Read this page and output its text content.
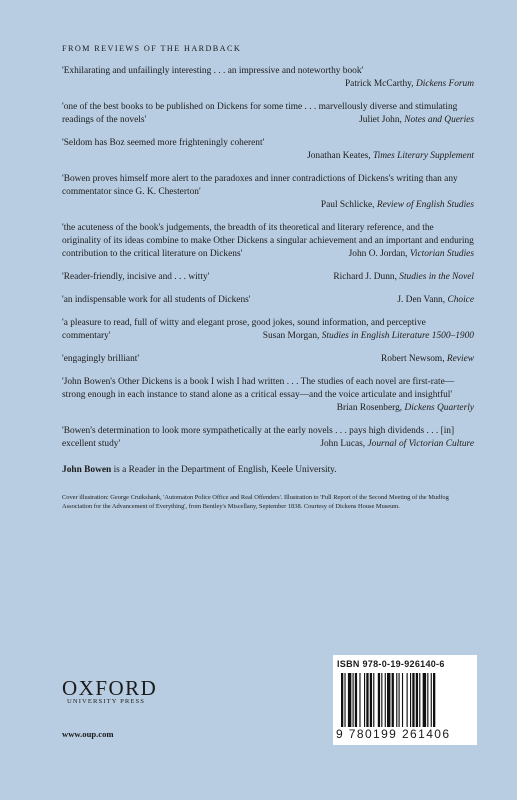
FROM REVIEWS OF THE HARDBACK
'Exhilarating and unfailingly interesting . . . an impressive and noteworthy book'
Patrick McCarthy, Dickens Forum
'one of the best books to be published on Dickens for some time . . . marvellously diverse and stimulating readings of the novels'	Juliet John, Notes and Queries
'Seldom has Boz seemed more frighteningly coherent'
Jonathan Keates, Times Literary Supplement
'Bowen proves himself more alert to the paradoxes and inner contradictions of Dickens's writing than any commentator since G. K. Chesterton'
Paul Schlicke, Review of English Studies
'the acuteness of the book's judgements, the breadth of its theoretical and literary reference, and the originality of its ideas combine to make Other Dickens a singular achievement and an important and enduring contribution to the critical literature on Dickens'	John O. Jordan, Victorian Studies
'Reader-friendly, incisive and . . . witty'	Richard J. Dunn, Studies in the Novel
'an indispensable work for all students of Dickens'	J. Den Vann, Choice
'a pleasure to read, full of witty and elegant prose, good jokes, sound information, and perceptive commentary'	Susan Morgan, Studies in English Literature 1500–1900
'engagingly brilliant'	Robert Newsom, Review
'John Bowen's Other Dickens is a book I wish I had written . . . The studies of each novel are first-rate—strong enough in each instance to stand alone as a critical essay—and the voice articulate and insightful'
Brian Rosenberg, Dickens Quarterly
'Bowen's determination to look more sympathetically at the early novels . . . pays high dividends . . . [in] excellent study'	John Lucas, Journal of Victorian Culture
John Bowen is a Reader in the Department of English, Keele University.
Cover illustration: George Cruikshank, 'Automaton Police Office and Real Offenders'. Illustration to 'Full Report of the Second Meeting of the Mudfog Association for the Advancement of Everything', from Bentley's Miscellany, September 1838. Courtesy of Dickens House Museum.
OXFORD
UNIVERSITY PRESS
www.oup.com
ISBN 978-0-19-926140-6
9 780199 261406
